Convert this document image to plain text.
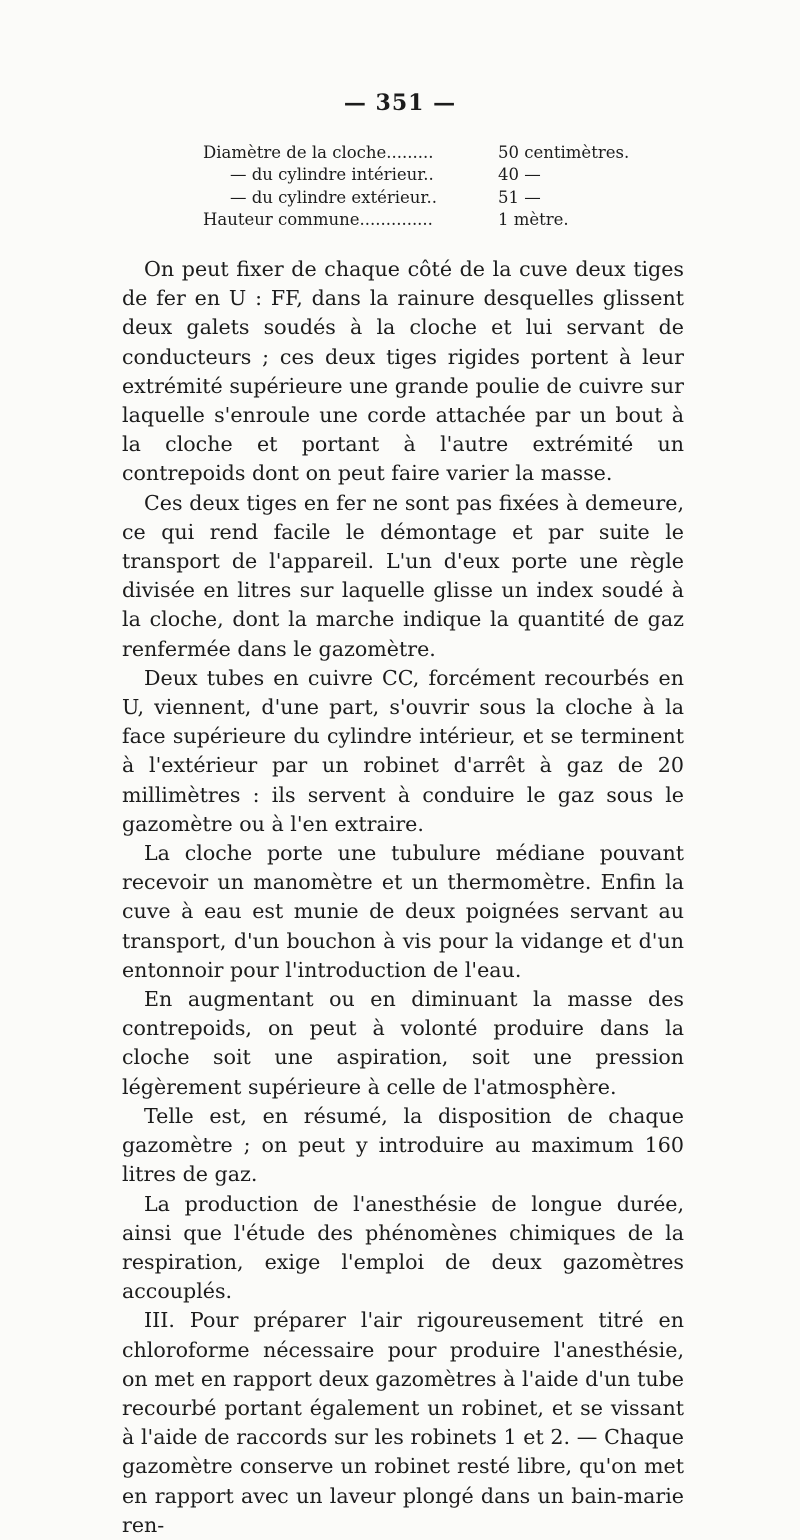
— 351 —
Diamètre de la cloche.........	50 centimètres.
— du cylindre intérieur..	40 —
— du cylindre extérieur..	51 —
Hauteur commune..............	1 mètre.

On peut fixer de chaque côté de la cuve deux tiges de fer en U : FF, dans la rainure desquelles glissent deux galets soudés à la cloche et lui servant de conducteurs ; ces deux tiges rigides portent à leur extrémité supérieure une grande poulie de cuivre sur laquelle s'enroule une corde attachée par un bout à la cloche et portant à l'autre extrémité un contrepoids dont on peut faire varier la masse.

Ces deux tiges en fer ne sont pas fixées à demeure, ce qui rend facile le démontage et par suite le transport de l'appareil. L'un d'eux porte une règle divisée en litres sur laquelle glisse un index soudé à la cloche, dont la marche indique la quantité de gaz renfermée dans le gazomètre.

Deux tubes en cuivre CC, forcément recourbés en U, viennent, d'une part, s'ouvrir sous la cloche à la face supérieure du cylindre intérieur, et se terminent à l'extérieur par un robinet d'arrêt à gaz de 20 millimètres : ils servent à conduire le gaz sous le gazomètre ou à l'en extraire.

La cloche porte une tubulure médiane pouvant recevoir un manomètre et un thermomètre. Enfin la cuve à eau est munie de deux poignées servant au transport, d'un bouchon à vis pour la vidange et d'un entonnoir pour l'introduction de l'eau.

En augmentant ou en diminuant la masse des contrepoids, on peut à volonté produire dans la cloche soit une aspiration, soit une pression légèrement supérieure à celle de l'atmosphère.

Telle est, en résumé, la disposition de chaque gazomètre ; on peut y introduire au maximum 160 litres de gaz.

La production de l'anesthésie de longue durée, ainsi que l'étude des phénomènes chimiques de la respiration, exige l'emploi de deux gazomètres accouplés.

III. Pour préparer l'air rigoureusement titré en chloroforme nécessaire pour produire l'anesthésie, on met en rapport deux gazomètres à l'aide d'un tube recourbé portant également un robinet, et se vissant à l'aide de raccords sur les robinets 1 et 2. — Chaque gazomètre conserve un robinet resté libre, qu'on met en rapport avec un laveur plongé dans un bain-marie ren-
